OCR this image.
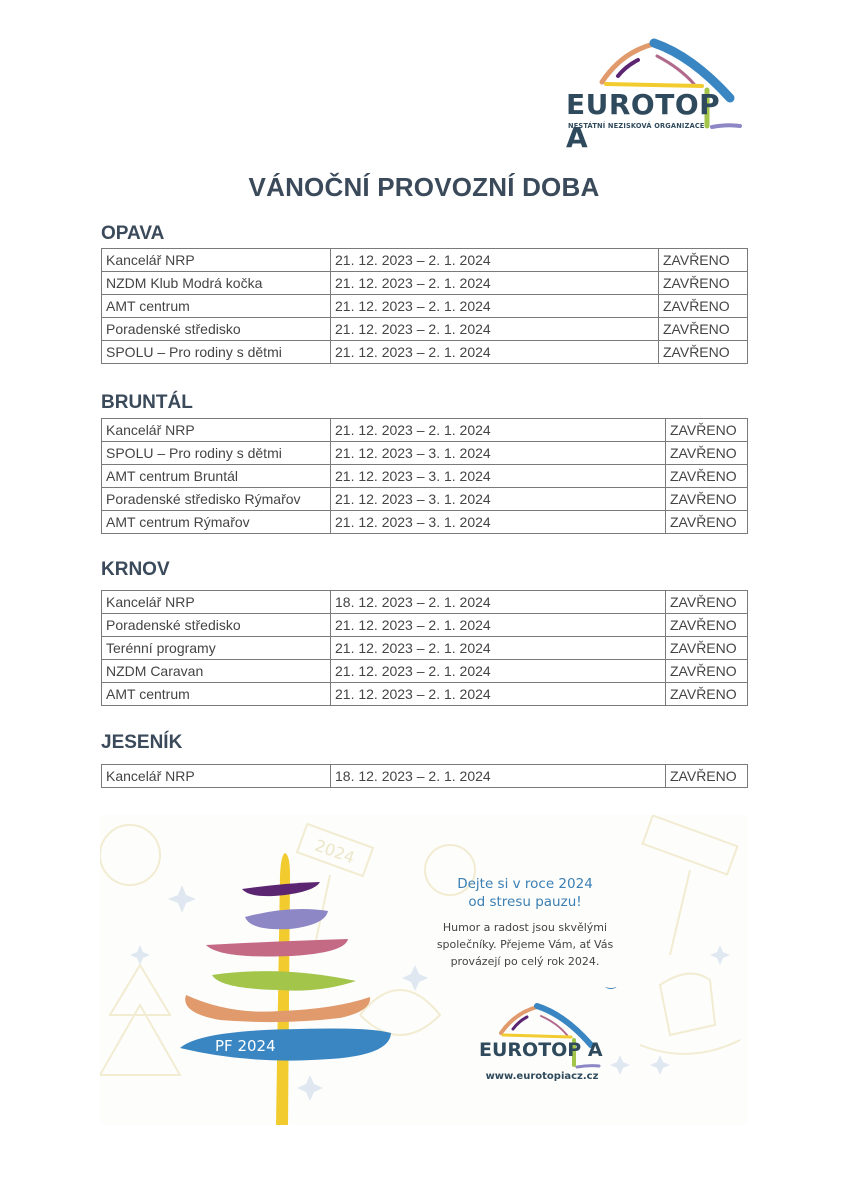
EUROTOP A
NESTÁTNÍ NEZISKOVÁ ORGANIZACE
VÁNOČNÍ PROVOZNÍ DOBA
OPAVA
Kancelář NRP	21. 12. 2023 – 2. 1. 2024	ZAVŘENO
NZDM Klub Modrá kočka	21. 12. 2023 – 2. 1. 2024	ZAVŘENO
AMT centrum	21. 12. 2023 – 2. 1. 2024	ZAVŘENO
Poradenské středisko	21. 12. 2023 – 2. 1. 2024	ZAVŘENO
SPOLU – Pro rodiny s dětmi	21. 12. 2023 – 2. 1. 2024	ZAVŘENO
BRUNTÁL
Kancelář NRP	21. 12. 2023 – 2. 1. 2024	ZAVŘENO
SPOLU – Pro rodiny s dětmi	21. 12. 2023 – 3. 1. 2024	ZAVŘENO
AMT centrum Bruntál	21. 12. 2023 – 3. 1. 2024	ZAVŘENO
Poradenské středisko Rýmařov	21. 12. 2023 – 3. 1. 2024	ZAVŘENO
AMT centrum Rýmařov	21. 12. 2023 – 3. 1. 2024	ZAVŘENO
KRNOV
Kancelář NRP	18. 12. 2023 – 2. 1. 2024	ZAVŘENO
Poradenské středisko	21. 12. 2023 – 2. 1. 2024	ZAVŘENO
Terénní programy	21. 12. 2023 – 2. 1. 2024	ZAVŘENO
NZDM Caravan	21. 12. 2023 – 2. 1. 2024	ZAVŘENO
AMT centrum	21. 12. 2023 – 2. 1. 2024	ZAVŘENO
JESENÍK
Kancelář NRP	18. 12. 2023 – 2. 1. 2024	ZAVŘENO
2024
PF 2024
Dejte si v roce 2024
od stresu pauzu!
Humor a radost jsou skvělými
společníky. Přejeme Vám, ať Vás
provázejí po celý rok 2024.
‿
EUROTOP A
www.eurotopiacz.cz
